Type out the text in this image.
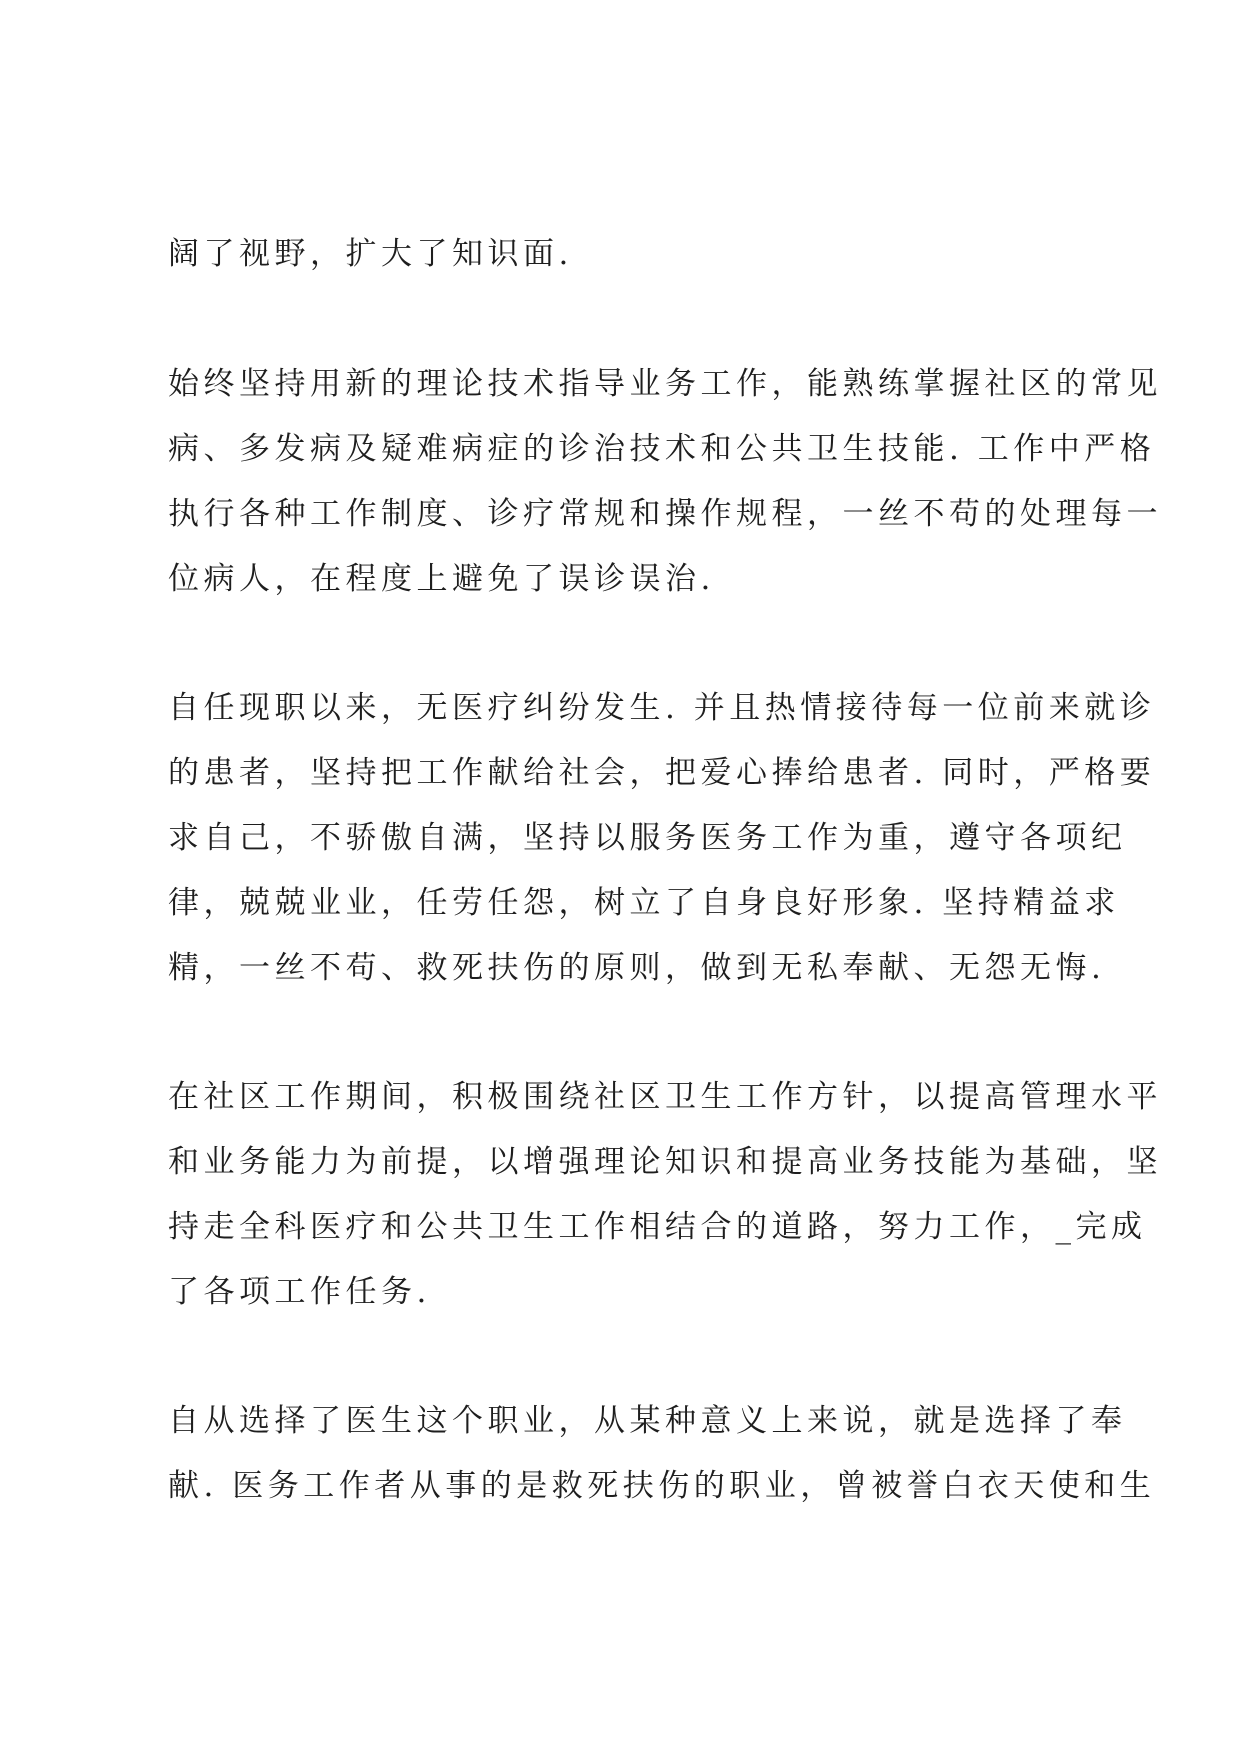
阔了视野，扩大了知识面.
始终坚持用新的理论技术指导业务工作，能熟练掌握社区的常见
病、多发病及疑难病症的诊治技术和公共卫生技能. 工作中严格
执行各种工作制度、诊疗常规和操作规程，一丝不苟的处理每一
位病人，在程度上避免了误诊误治.
自任现职以来，无医疗纠纷发生. 并且热情接待每一位前来就诊
的患者，坚持把工作献给社会，把爱心捧给患者. 同时，严格要
求自己，不骄傲自满，坚持以服务医务工作为重，遵守各项纪
律，兢兢业业，任劳任怨，树立了自身良好形象. 坚持精益求
精，一丝不苟、救死扶伤的原则，做到无私奉献、无怨无悔.
在社区工作期间，积极围绕社区卫生工作方针，以提高管理水平
和业务能力为前提，以增强理论知识和提高业务技能为基础，坚
持走全科医疗和公共卫生工作相结合的道路，努力工作，_完成
了各项工作任务.
自从选择了医生这个职业，从某种意义上来说，就是选择了奉
献. 医务工作者从事的是救死扶伤的职业，曾被誉白衣天使和生
